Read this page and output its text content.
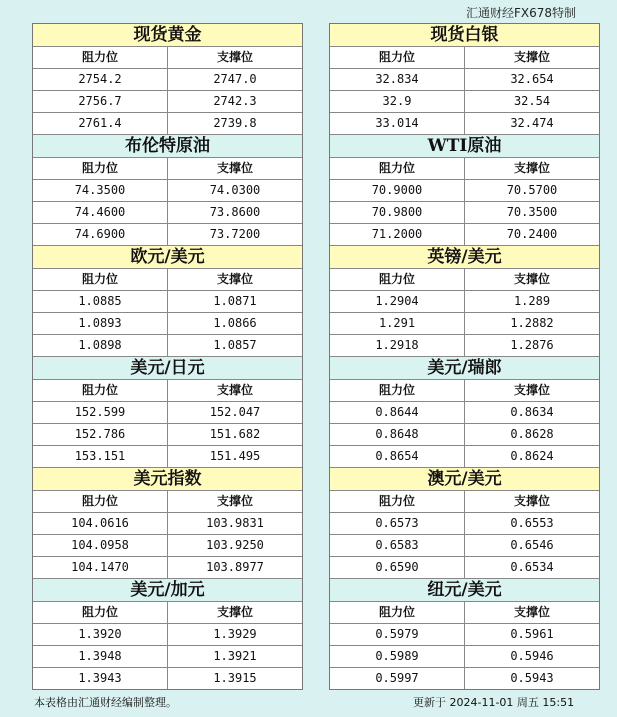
汇通财经FX678特制
现货黄金
阻力位	支撑位
2754.2	2747.0
2756.7	2742.3
2761.4	2739.8
布伦特原油
阻力位	支撑位
74.3500	74.0300
74.4600	73.8600
74.6900	73.7200
欧元/美元
阻力位	支撑位
1.0885	1.0871
1.0893	1.0866
1.0898	1.0857
美元/日元
阻力位	支撑位
152.599	152.047
152.786	151.682
153.151	151.495
美元指数
阻力位	支撑位
104.0616	103.9831
104.0958	103.9250
104.1470	103.8977
美元/加元
阻力位	支撑位
1.3920	1.3929
1.3948	1.3921
1.3943	1.3915
现货白银
阻力位	支撑位
32.834	32.654
32.9	32.54
33.014	32.474
WTI原油
阻力位	支撑位
70.9000	70.5700
70.9800	70.3500
71.2000	70.2400
英镑/美元
阻力位	支撑位
1.2904	1.289
1.291	1.2882
1.2918	1.2876
美元/瑞郎
阻力位	支撑位
0.8644	0.8634
0.8648	0.8628
0.8654	0.8624
澳元/美元
阻力位	支撑位
0.6573	0.6553
0.6583	0.6546
0.6590	0.6534
纽元/美元
阻力位	支撑位
0.5979	0.5961
0.5989	0.5946
0.5997	0.5943
本表格由汇通财经编制整理。	更新于 2024-11-01 周五 15:51
